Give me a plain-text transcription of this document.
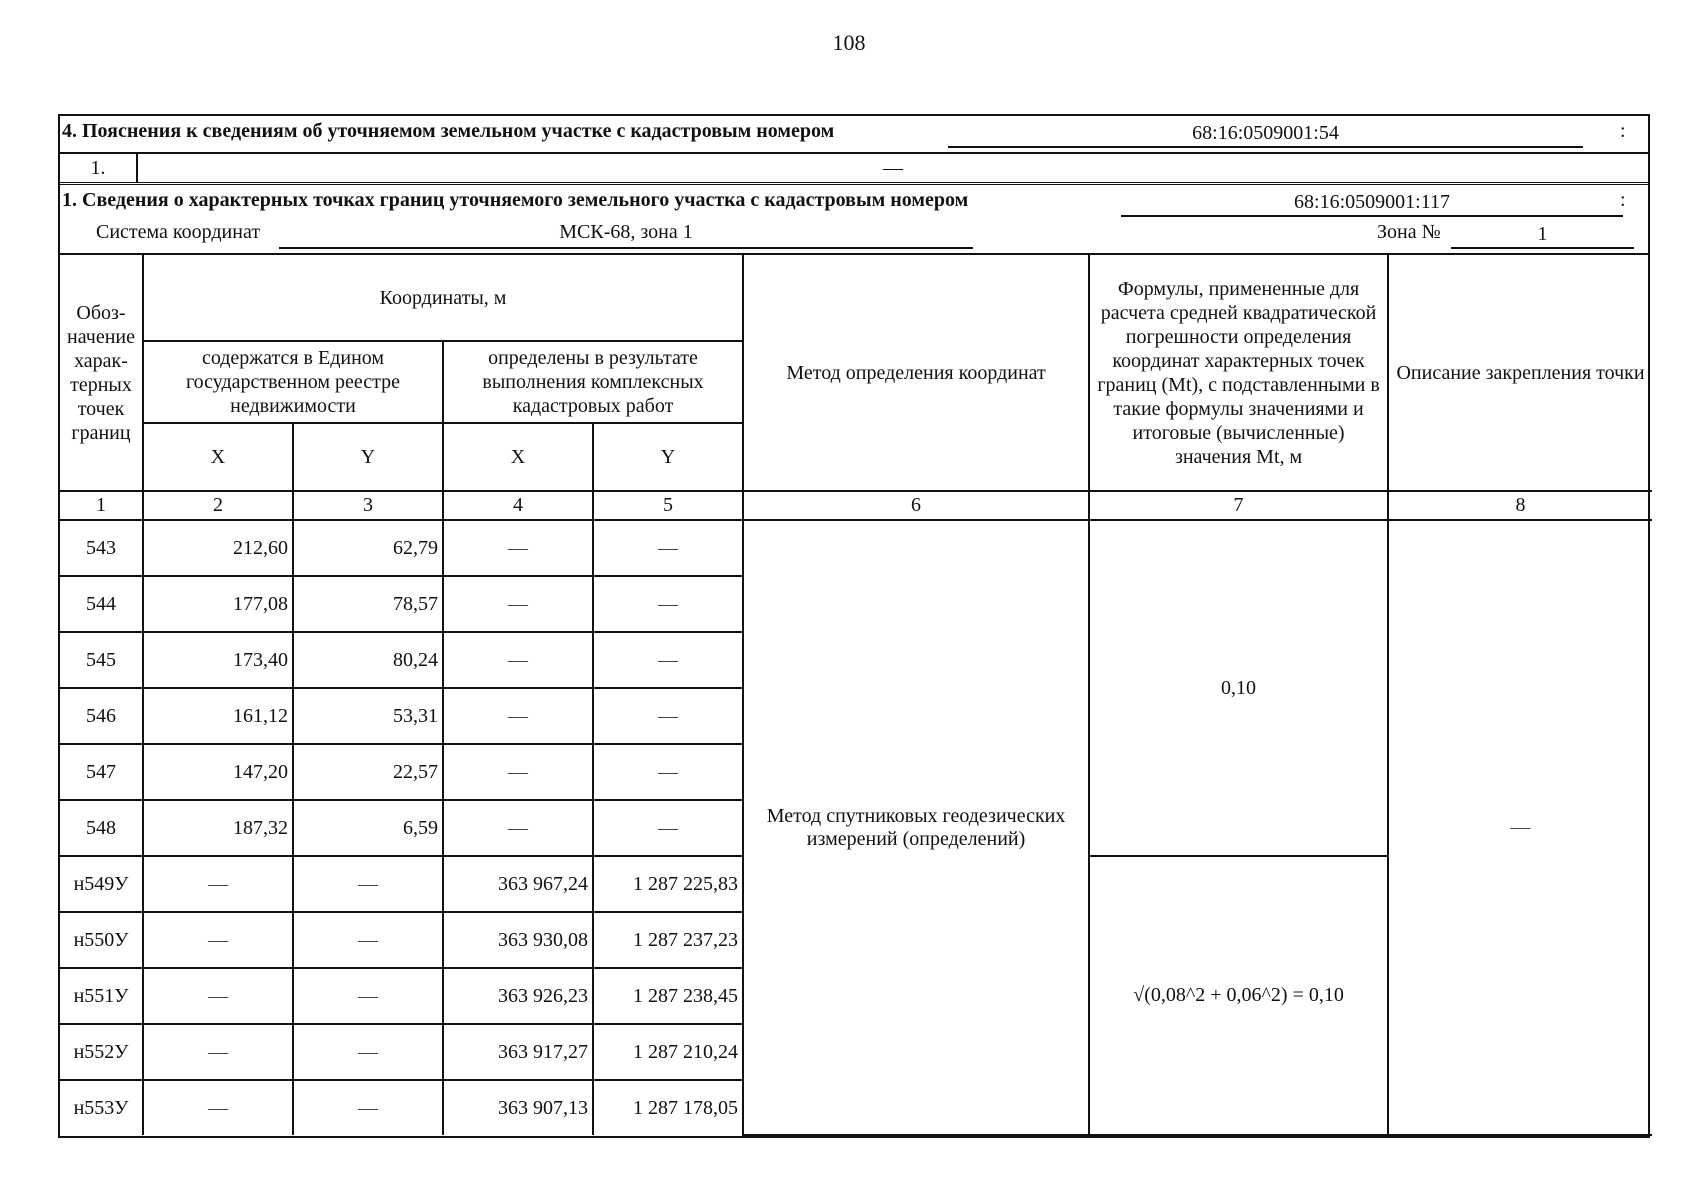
108
4. Пояснения к сведениям об уточняемом земельном участке с кадастровым номером	68:16:0509001:54	:
1.	—
1. Сведения о характерных точках границ уточняемого земельного участка с кадастровым номером	68:16:0509001:117	:
Система координат	МСК-68, зона 1	Зона №	1
Обоз-начение харак-терных точек границ	Координаты, м				Метод определения координат	Формулы, примененные для расчета средней квадратической погрешности определения координат характерных точек границ (Mt), с подставленными в такие формулы значениями и итоговые (вычисленные) значения Mt, м	Описание закрепления точки
	содержатся в Едином государственном реестре недвижимости		определены в результате выполнения комплексных кадастровых работ				
	X	Y	X	Y			
1	2	3	4	5	6	7	8
543	212,60	62,79	—	—	Метод спутниковых геодезических измерений (определений)	0,10	—
544	177,08	78,57	—	—			
545	173,40	80,24	—	—			
546	161,12	53,31	—	—			
547	147,20	22,57	—	—			
548	187,32	6,59	—	—			
н549У	—	—	363 967,24	1 287 225,83		√(0,08^2 + 0,06^2) = 0,10	
н550У	—	—	363 930,08	1 287 237,23			
н551У	—	—	363 926,23	1 287 238,45			
н552У	—	—	363 917,27	1 287 210,24			
н553У	—	—	363 907,13	1 287 178,05			
